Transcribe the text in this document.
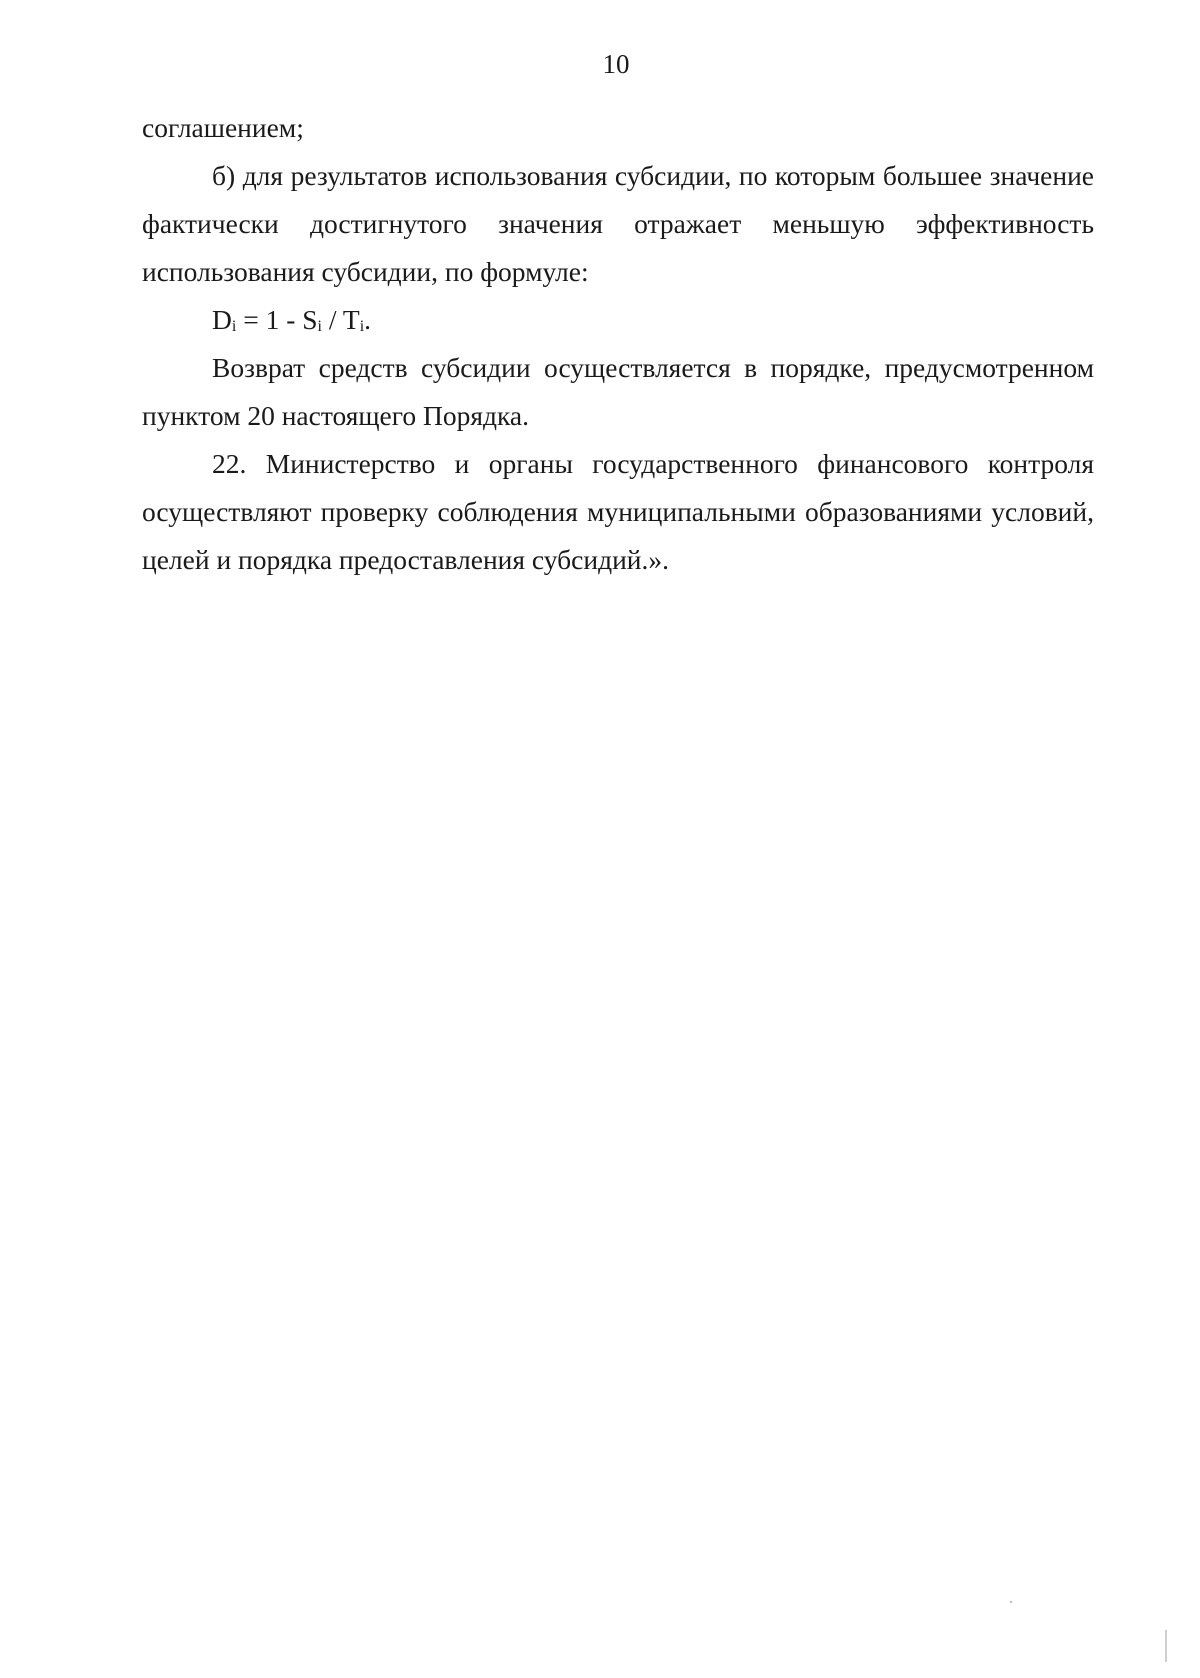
10

соглашением;

б) для результатов использования субсидии, по которым большее значение фактически достигнутого значения отражает меньшую эффективность использования субсидии, по формуле:

$D_i = 1 - S_i / T_i$.

Возврат средств субсидии осуществляется в порядке, предусмотренном пунктом 20 настоящего Порядка.

22. Министерство и органы государственного финансового контроля осуществляют проверку соблюдения муниципальными образованиями условий, целей и порядка предоставления субсидий.».
